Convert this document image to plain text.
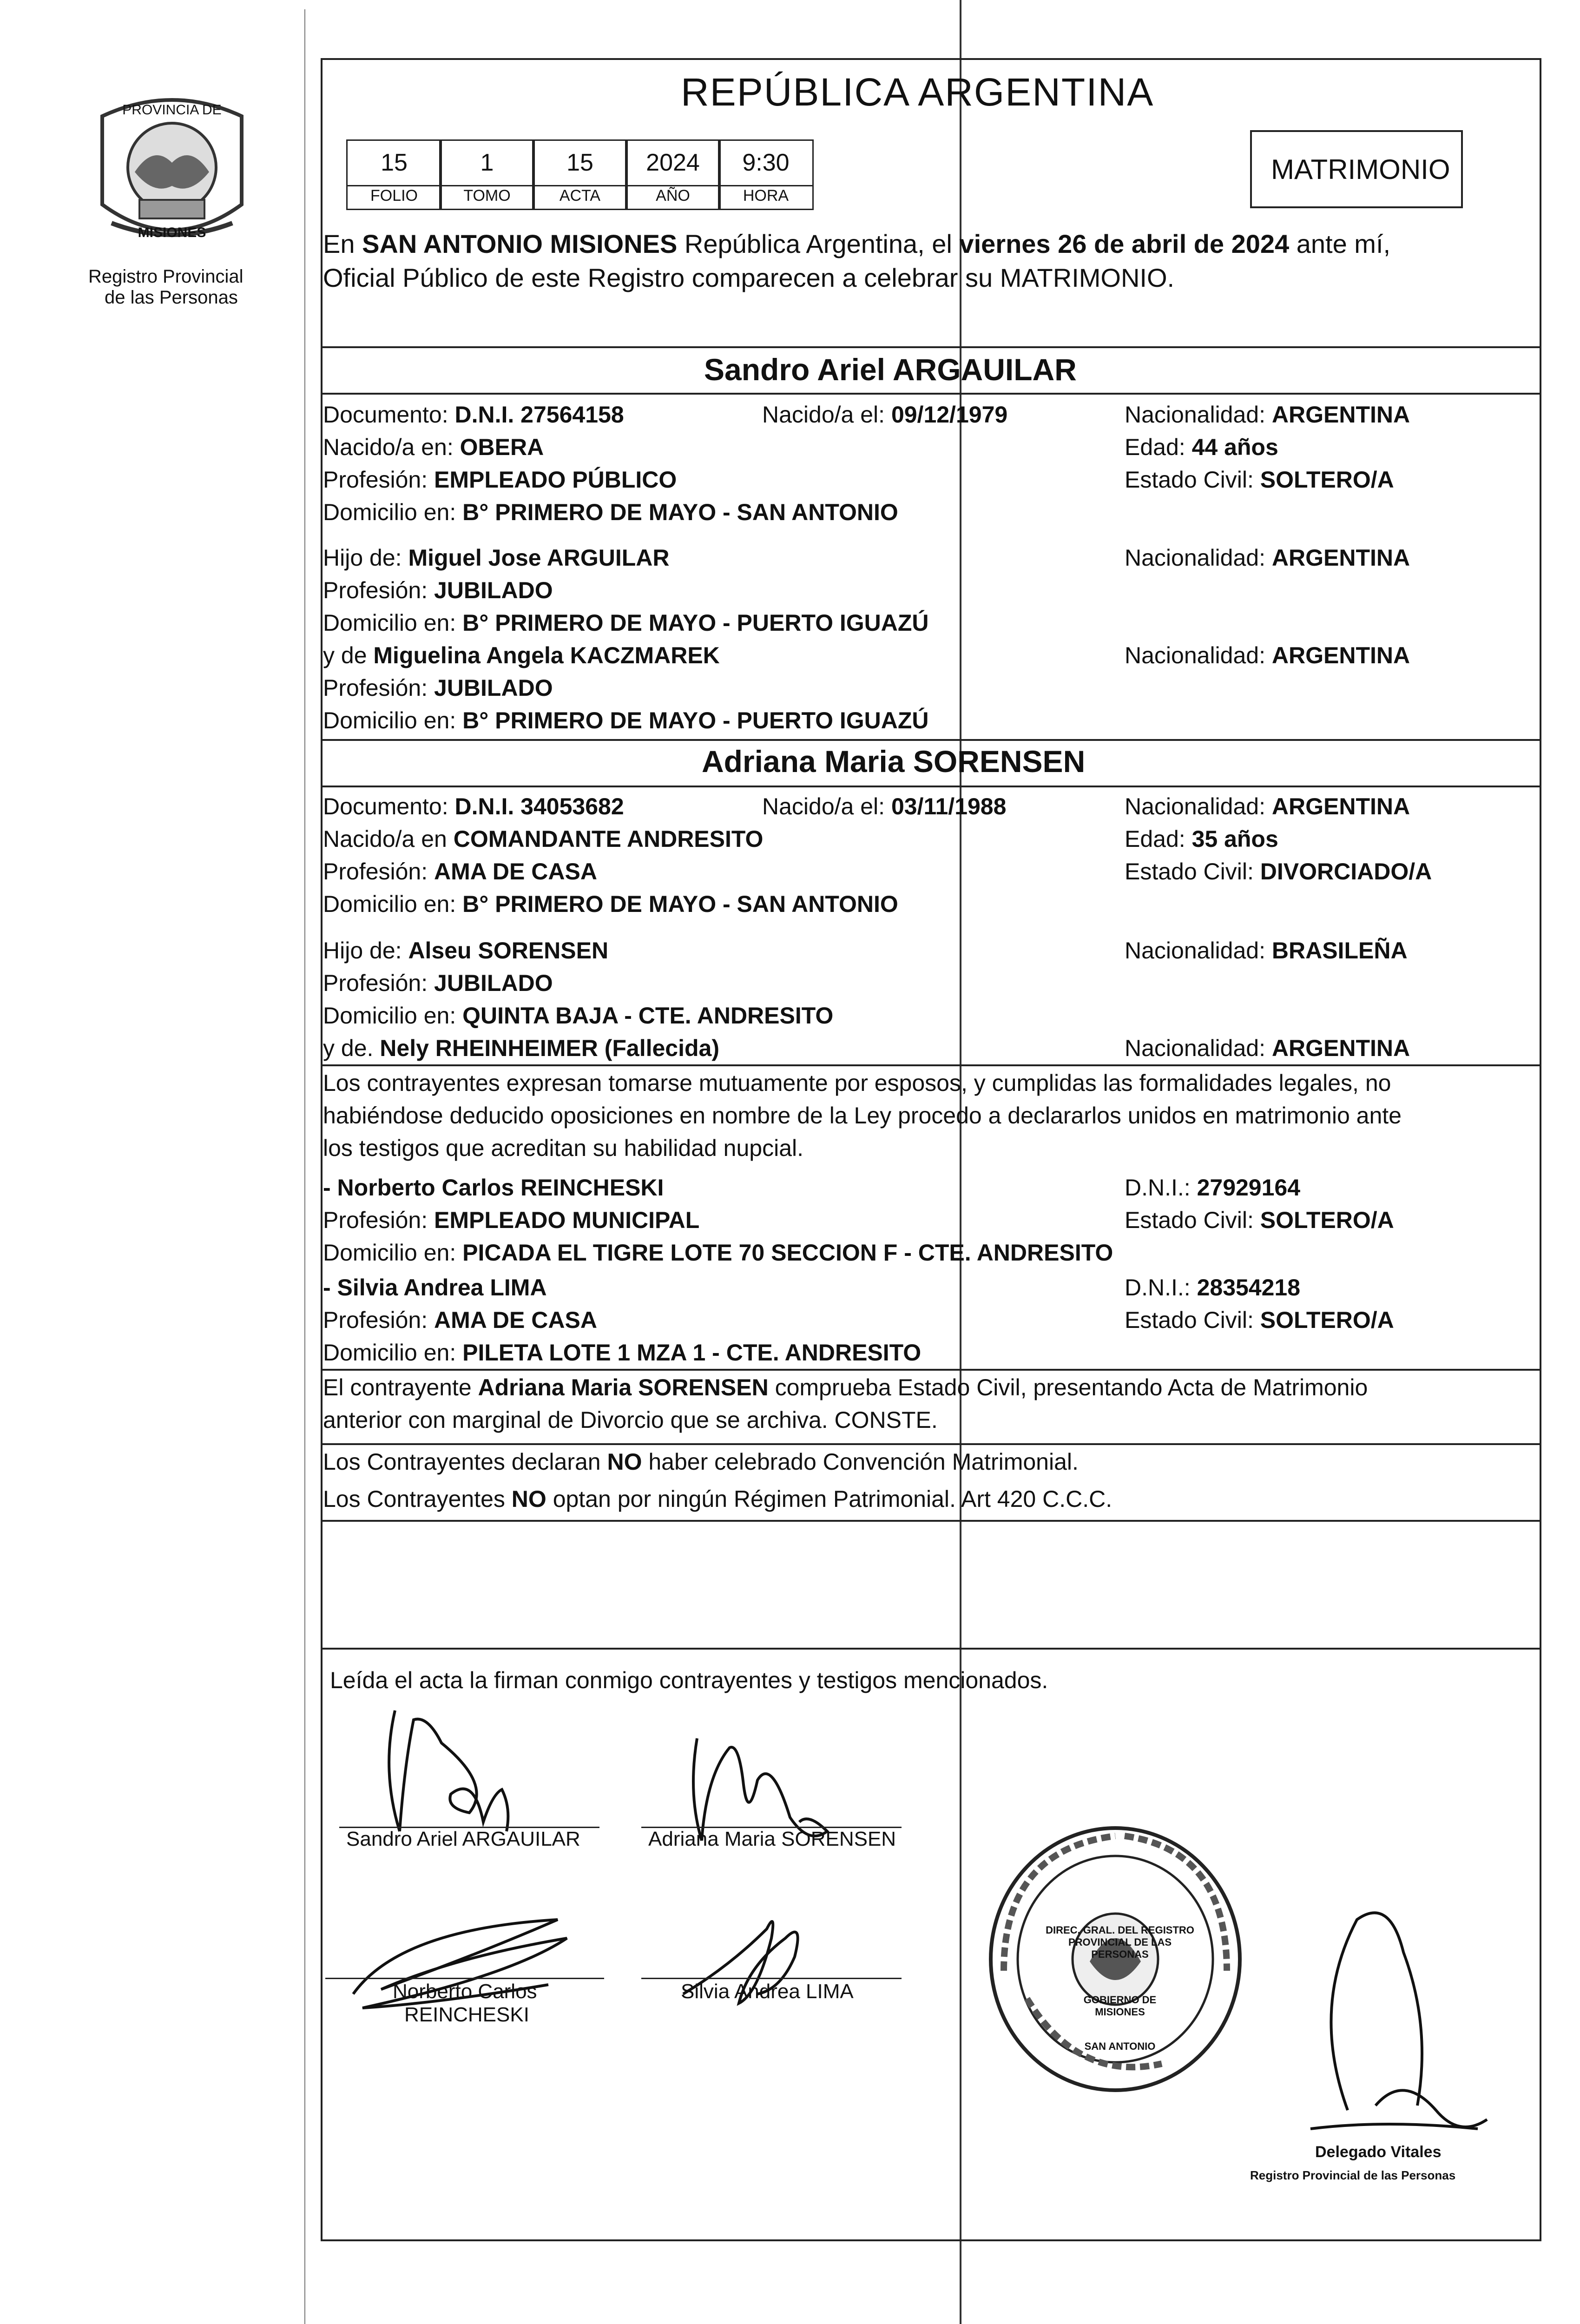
PROVINCIA DE
MISIONES
Registro Provincial
de las Personas
REPÚBLICA ARGENTINA
15	1	15	2024	9:30
FOLIO	TOMO	ACTA	AÑO	HORA
MATRIMONIO
En SAN ANTONIO MISIONES República Argentina, el viernes 26 de abril de 2024 ante mí,
Oficial Público de este Registro comparecen a celebrar su MATRIMONIO.
Sandro Ariel ARGAUILAR
Documento: D.N.I. 27564158	Nacido/a el: 09/12/1979	Nacionalidad: ARGENTINA
Nacido/a en: OBERA	Edad: 44 años
Profesión: EMPLEADO PÚBLICO	Estado Civil: SOLTERO/A
Domicilio en: B° PRIMERO DE MAYO - SAN ANTONIO
Hijo de: Miguel Jose ARGUILAR	Nacionalidad: ARGENTINA
Profesión: JUBILADO
Domicilio en: B° PRIMERO DE MAYO - PUERTO IGUAZÚ
y de Miguelina Angela KACZMAREK	Nacionalidad: ARGENTINA
Profesión: JUBILADO
Domicilio en: B° PRIMERO DE MAYO - PUERTO IGUAZÚ
Adriana Maria SORENSEN
Documento: D.N.I. 34053682	Nacido/a el: 03/11/1988	Nacionalidad: ARGENTINA
Nacido/a en COMANDANTE ANDRESITO	Edad: 35 años
Profesión: AMA DE CASA	Estado Civil: DIVORCIADO/A
Domicilio en: B° PRIMERO DE MAYO - SAN ANTONIO
Hijo de: Alseu SORENSEN	Nacionalidad: BRASILEÑA
Profesión: JUBILADO
Domicilio en: QUINTA BAJA - CTE. ANDRESITO
y de. Nely RHEINHEIMER (Fallecida)	Nacionalidad: ARGENTINA
Los contrayentes expresan tomarse mutuamente por esposos, y cumplidas las formalidades legales, no
habiéndose deducido oposiciones en nombre de la Ley procedo a declararlos unidos en matrimonio ante
los testigos que acreditan su habilidad nupcial.
- Norberto Carlos REINCHESKI	D.N.I.: 27929164
Profesión: EMPLEADO MUNICIPAL	Estado Civil: SOLTERO/A
Domicilio en: PICADA EL TIGRE LOTE 70 SECCION F - CTE. ANDRESITO
- Silvia Andrea LIMA	D.N.I.: 28354218
Profesión: AMA DE CASA	Estado Civil: SOLTERO/A
Domicilio en: PILETA LOTE 1 MZA 1 - CTE. ANDRESITO
El contrayente Adriana Maria SORENSEN comprueba Estado Civil, presentando Acta de Matrimonio
anterior con marginal de Divorcio que se archiva. CONSTE.
Los Contrayentes declaran NO haber celebrado Convención Matrimonial.
Los Contrayentes NO optan por ningún Régimen Patrimonial. Art 420 C.C.C.
Leída el acta la firman conmigo contrayentes y testigos mencionados.
Sandro Ariel ARGAUILAR	Adriana Maria SORENSEN
Norberto Carlos
REINCHESKI
Silvia Andrea LIMA
DIREC. GRAL. DEL REGISTRO PROVINCIAL DE LAS PERSONAS
GOBIERNO DE MISIONES
SAN ANTONIO
Delegado Vitales
Registro Provincial de las Personas
